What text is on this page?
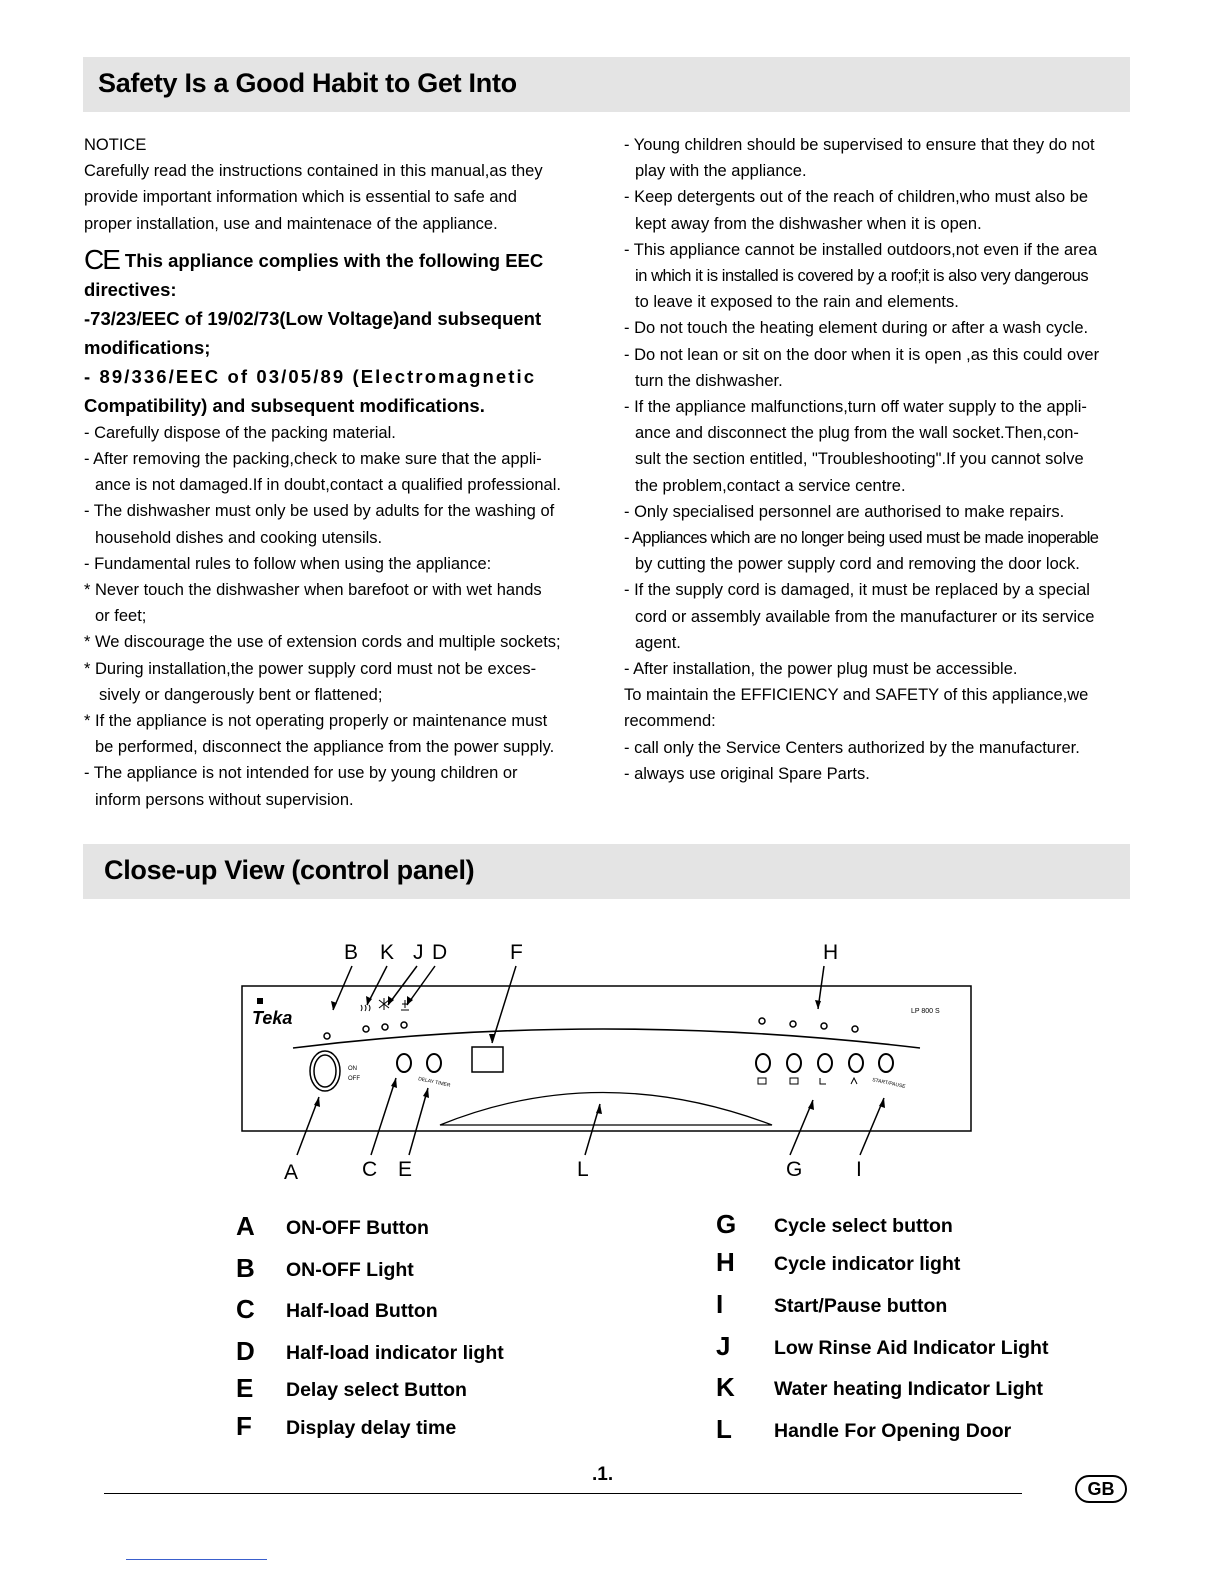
Safety Is a Good Habit to Get Into

NOTICE

Carefully read the instructions contained in this manual,as they

provide important information which is essential to safe and

proper installation, use and maintenace of the appliance.

CE This appliance complies with the following EEC

directives:

-73/23/EEC of 19/02/73(Low Voltage)and subsequent

modifications;

- 89/336/EEC of 03/05/89 (Electromagnetic

Compatibility) and subsequent modifications.

- Carefully dispose of the packing material.

- After removing the packing,check to make sure that the appli-

ance is not damaged.If in doubt,contact a qualified professional.

- The dishwasher must only be used by adults for the washing of

household dishes and cooking utensils.

- Fundamental rules to follow when using the appliance:

* Never touch the dishwasher when barefoot or with wet hands

or feet;

* We discourage the use of extension cords and multiple sockets;

* During installation,the power supply cord must not be exces-

sively or dangerously bent or flattened;

* If the appliance is not operating properly or maintenance must

be performed, disconnect the appliance from the power supply.

- The appliance is not intended for use by young children or

inform persons without supervision.

- Young children should be supervised to ensure that they do not

play with the appliance.

- Keep detergents out of the reach of children,who must also be

kept away from the dishwasher when it is open.

- This appliance cannot be installed outdoors,not even if the area

in which it is installed is covered by a roof;it is also very dangerous

to leave it exposed to the rain and elements.

- Do not touch the heating element during or after a wash cycle.

- Do not lean or sit on the door when it is open ,as this could over

turn the dishwasher.

- If the appliance malfunctions,turn off water supply to the appli-

ance and disconnect the plug from the wall socket.Then,con-

sult the section entitled, "Troubleshooting".If you cannot solve

the problem,contact a service centre.

- Only specialised personnel are authorised to make repairs.

- Appliances which are no longer being used must be made inoperable

by cutting the power supply cord and removing the door lock.

- If the supply cord is damaged, it must be replaced by a special

cord or assembly available from the manufacturer or its service

agent.

- After installation, the power plug must be accessible.

To maintain the EFFICIENCY and SAFETY of this appliance,we

recommend:

- call only the Service Centers authorized by the manufacturer.

- always use original Spare Parts.

Close-up View (control panel)
Teka	LP 800 S
ON
OFF	DELAY TIMER	START/PAUSE
B K J D	F	H
A	C E	L	G	I
A ON-OFF Button
B ON-OFF Light
C Half-load Button
D Half-load indicator light
E Delay select Button
F Display delay time
G Cycle select button
H Cycle indicator light
I	Start/Pause button
J Low Rinse Aid Indicator Light
K Water heating Indicator Light
L Handle For Opening Door
.1.
GB
